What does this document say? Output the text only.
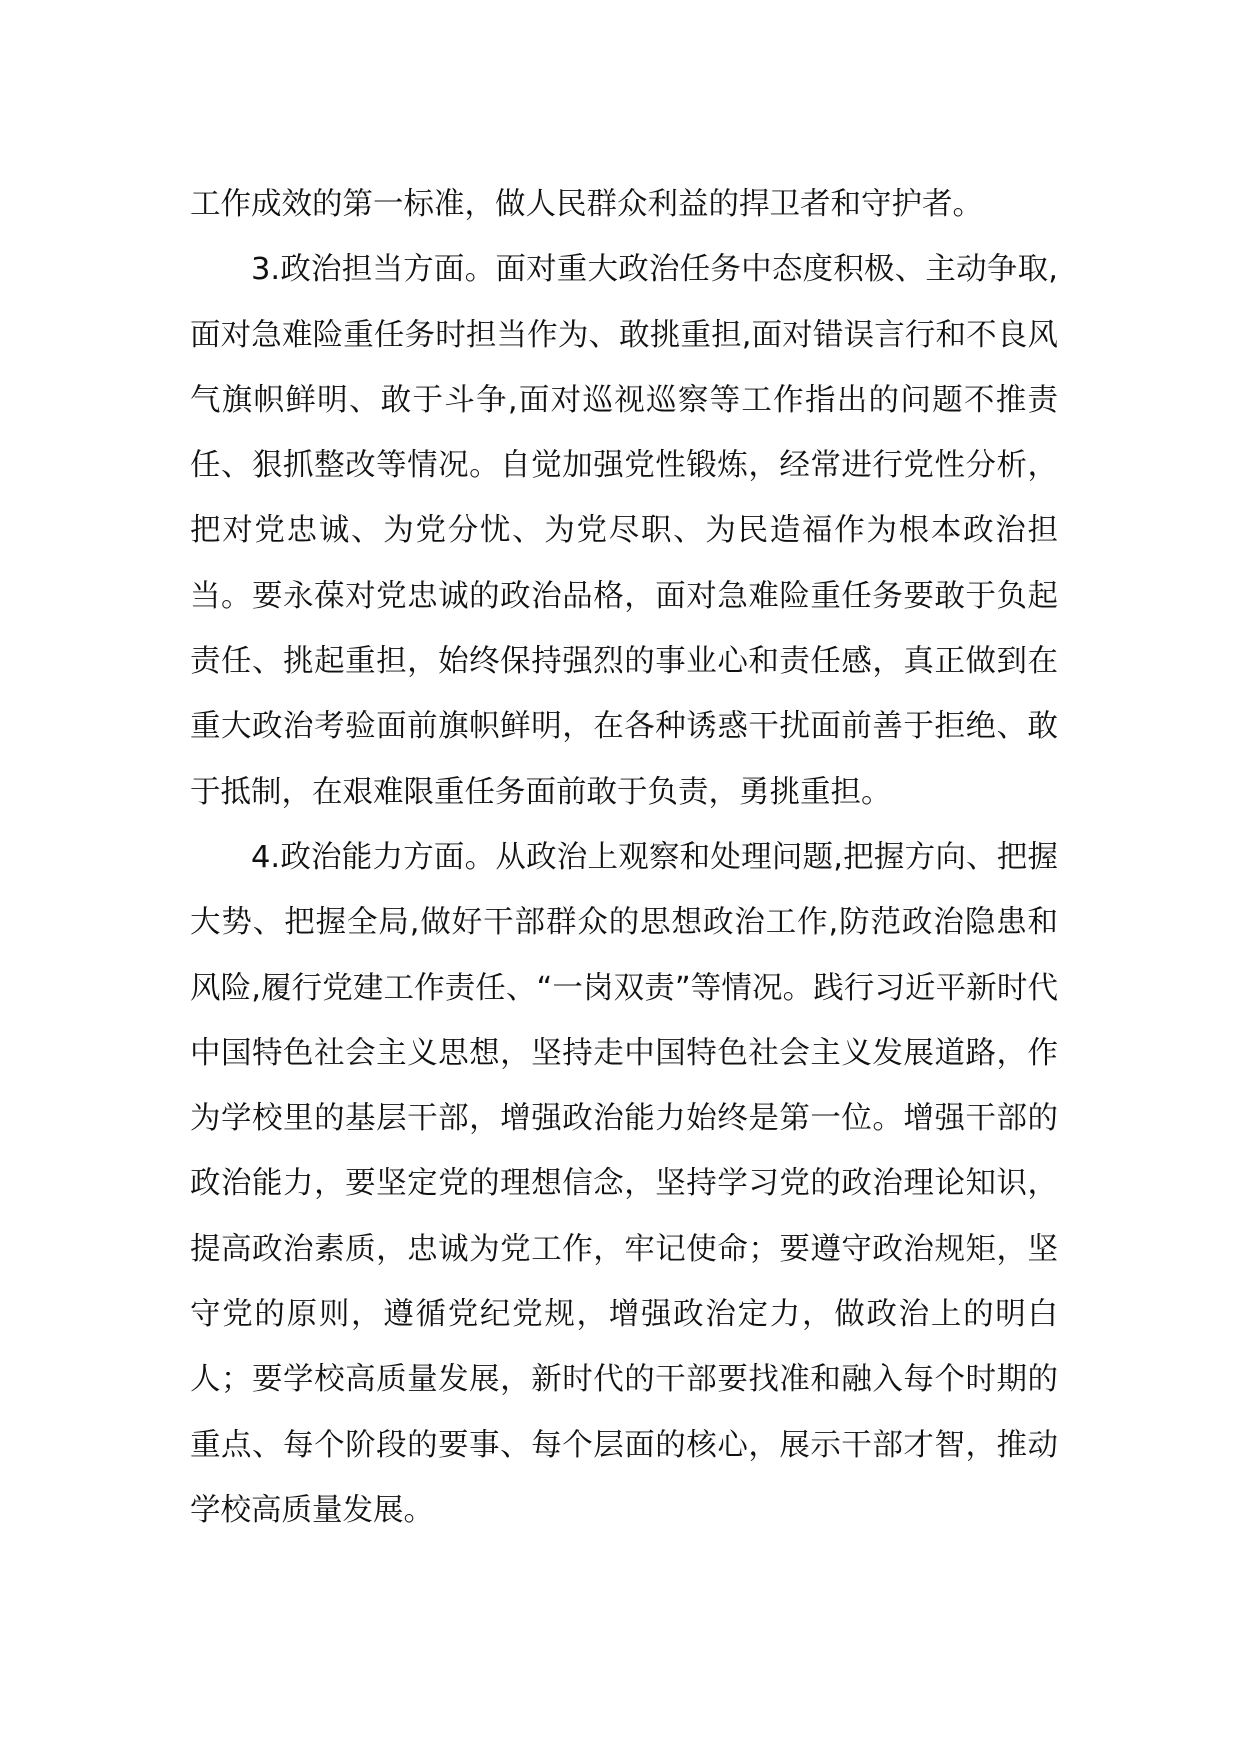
工作成效的第一标准，做人民群众利益的捍卫者和守护者。

3.政治担当方面。面对重大政治任务中态度积极、主动争取,面对急难险重任务时担当作为、敢挑重担,面对错误言行和不良风气旗帜鲜明、敢于斗争,面对巡视巡察等工作指出的问题不推责任、狠抓整改等情况。自觉加强党性锻炼，经常进行党性分析，把对党忠诚、为党分忧、为党尽职、为民造福作为根本政治担当。要永葆对党忠诚的政治品格，面对急难险重任务要敢于负起责任、挑起重担，始终保持强烈的事业心和责任感，真正做到在重大政治考验面前旗帜鲜明，在各种诱惑干扰面前善于拒绝、敢于抵制，在艰难限重任务面前敢于负责，勇挑重担。

4.政治能力方面。从政治上观察和处理问题,把握方向、把握大势、把握全局,做好干部群众的思想政治工作,防范政治隐患和风险,履行党建工作责任、“一岗双责”等情况。践行习近平新时代中国特色社会主义思想，坚持走中国特色社会主义发展道路，作为学校里的基层干部，增强政治能力始终是第一位。增强干部的政治能力，要坚定党的理想信念，坚持学习党的政治理论知识，提高政治素质，忠诚为党工作，牢记使命；要遵守政治规矩，坚守党的原则，遵循党纪党规，增强政治定力，做政治上的明白人；要学校高质量发展，新时代的干部要找准和融入每个时期的重点、每个阶段的要事、每个层面的核心，展示干部才智，推动学校高质量发展。
